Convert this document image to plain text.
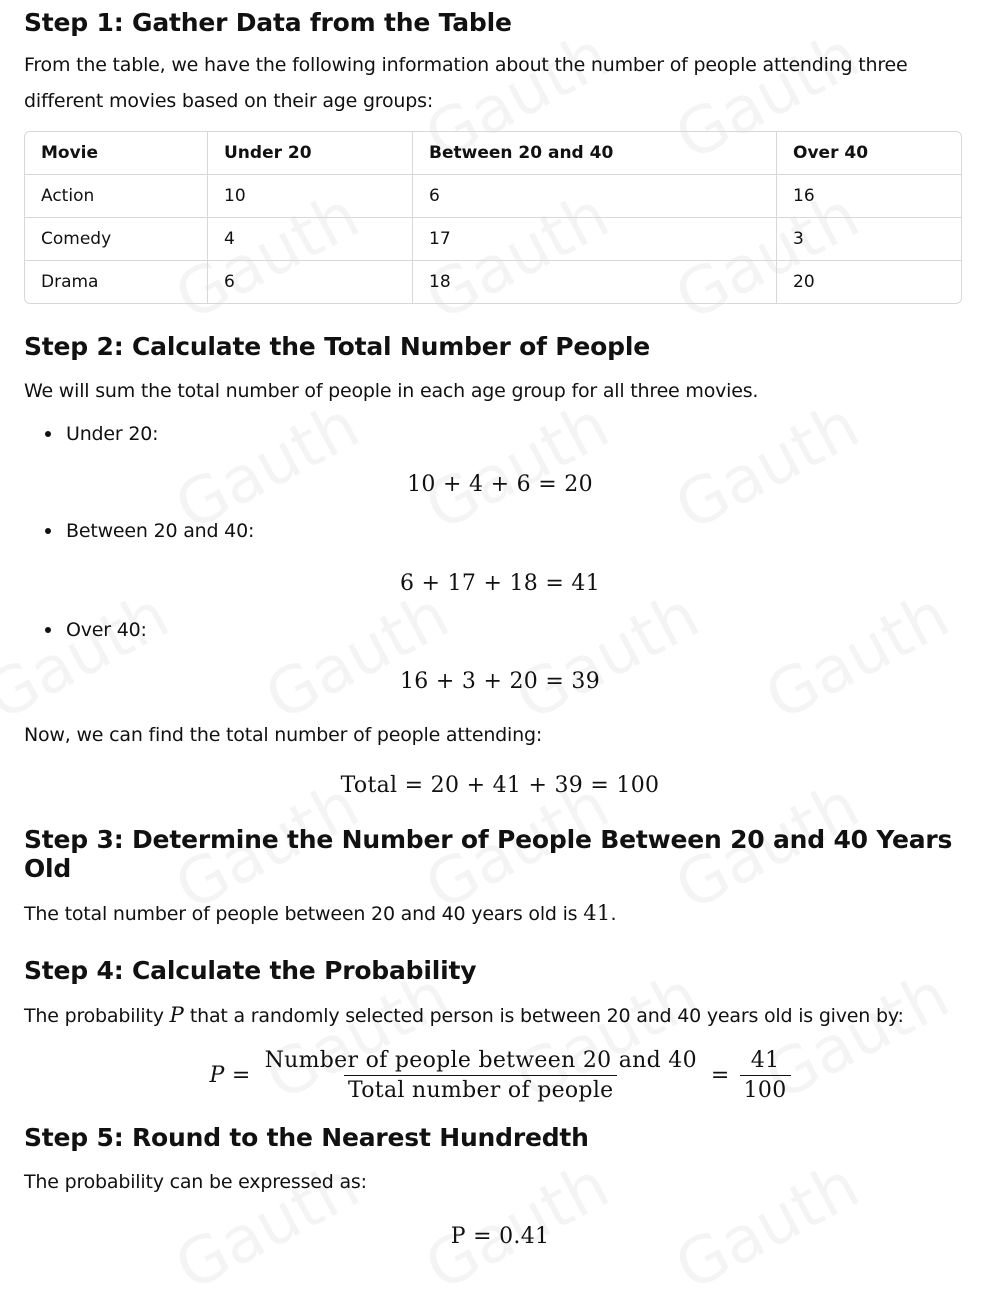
Step 1: Gather Data from the Table

From the table, we have the following information about the number of people attending three different movies based on their age groups:

Movie	Under 20	Between 20 and 40	Over 40
Action	10	6	16
Comedy	4	17	3
Drama	6	18	20
Step 2: Calculate the Total Number of People

We will sum the total number of people in each age group for all three movies.

Under 20:
10 + 4 + 6 = 20
Between 20 and 40:
6 + 17 + 18 = 41
Over 40:
16 + 3 + 20 = 39

Now, we can find the total number of people attending:

Total = 20 + 41 + 39 = 100
Step 3: Determine the Number of People Between 20 and 40 Years Old

The total number of people between 20 and 40 years old is 41.

Step 4: Calculate the Probability

The probability P that a randomly selected person is between 20 and 40 years old is given by:

$P = \frac{\text{Number of people between 20 and 40}}{\text{Total number of people}} = \frac{41}{100}$
Step 5: Round to the Nearest Hundredth

The probability can be expressed as:

P = 0.41
